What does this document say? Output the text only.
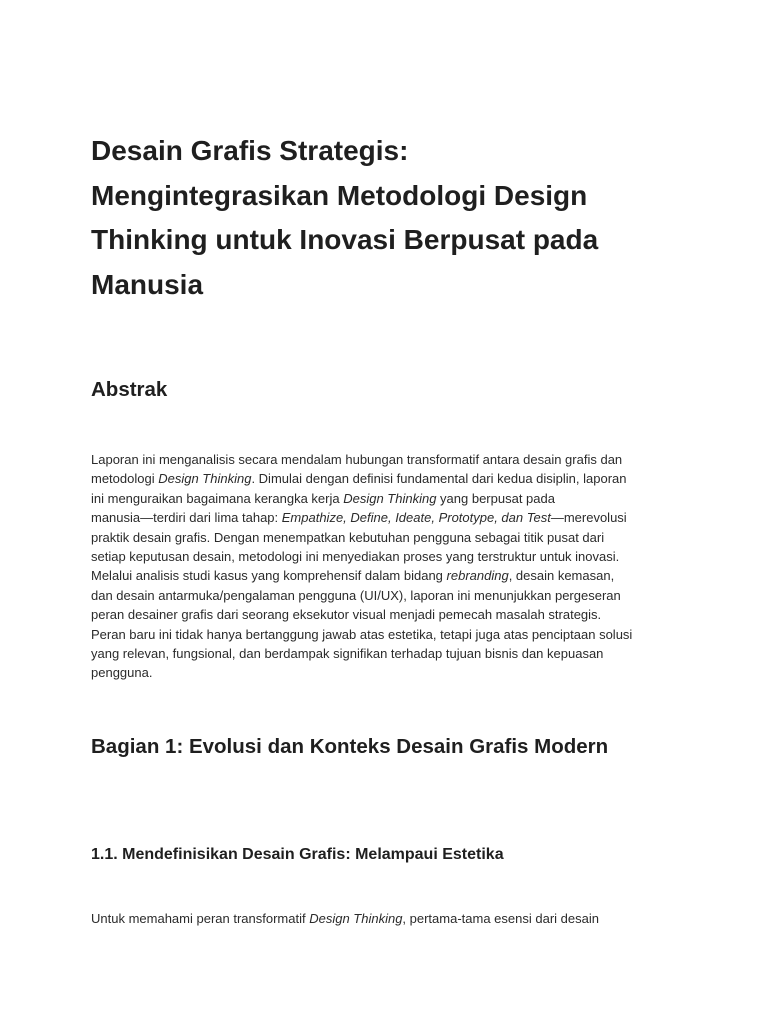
Desain Grafis Strategis:
Mengintegrasikan Metodologi Design
Thinking untuk Inovasi Berpusat pada
Manusia
Abstrak

Laporan ini menganalisis secara mendalam hubungan transformatif antara desain grafis dan
metodologi Design Thinking. Dimulai dengan definisi fundamental dari kedua disiplin, laporan
ini menguraikan bagaimana kerangka kerja Design Thinking yang berpusat pada
manusia—terdiri dari lima tahap: Empathize, Define, Ideate, Prototype, dan Test—merevolusi
praktik desain grafis. Dengan menempatkan kebutuhan pengguna sebagai titik pusat dari
setiap keputusan desain, metodologi ini menyediakan proses yang terstruktur untuk inovasi.
Melalui analisis studi kasus yang komprehensif dalam bidang rebranding, desain kemasan,
dan desain antarmuka/pengalaman pengguna (UI/UX), laporan ini menunjukkan pergeseran
peran desainer grafis dari seorang eksekutor visual menjadi pemecah masalah strategis.
Peran baru ini tidak hanya bertanggung jawab atas estetika, tetapi juga atas penciptaan solusi
yang relevan, fungsional, dan berdampak signifikan terhadap tujuan bisnis dan kepuasan
pengguna.

Bagian 1: Evolusi dan Konteks Desain Grafis Modern
1.1. Mendefinisikan Desain Grafis: Melampaui Estetika

Untuk memahami peran transformatif Design Thinking, pertama-tama esensi dari desain
